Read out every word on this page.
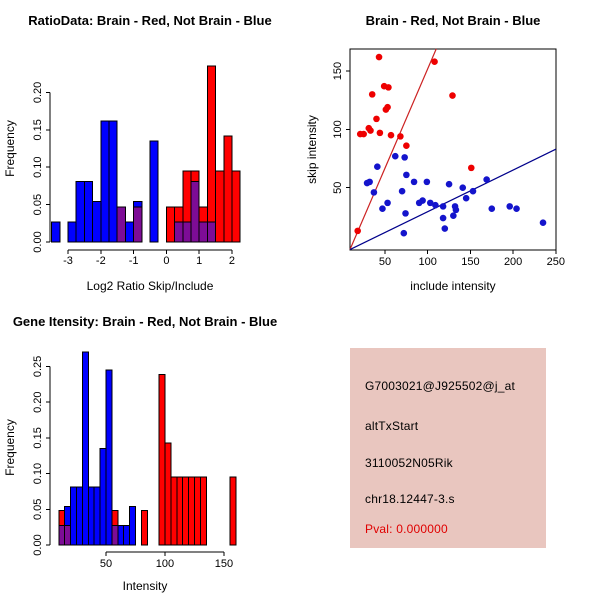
-3 -2 -1 0 1 2
0.00
0.05
0.10
0.15
0.20
RatioData: Brain - Red, Not Brain - Blue
Log2 Ratio Skip/Include
Frequency
50 100 150 200 250
50
100
150
Brain - Red, Not Brain - Blue
include intensity
skip intensity
50	100	150
0.00
0.05
0.10
0.15
0.20
0.25
Gene Itensity: Brain - Red, Not Brain - Blue
Intensity
Frequency
G7003021@J925502@j_at
altTxStart
3110052N05Rik
chr18.12447-3.s
Pval: 0.000000
